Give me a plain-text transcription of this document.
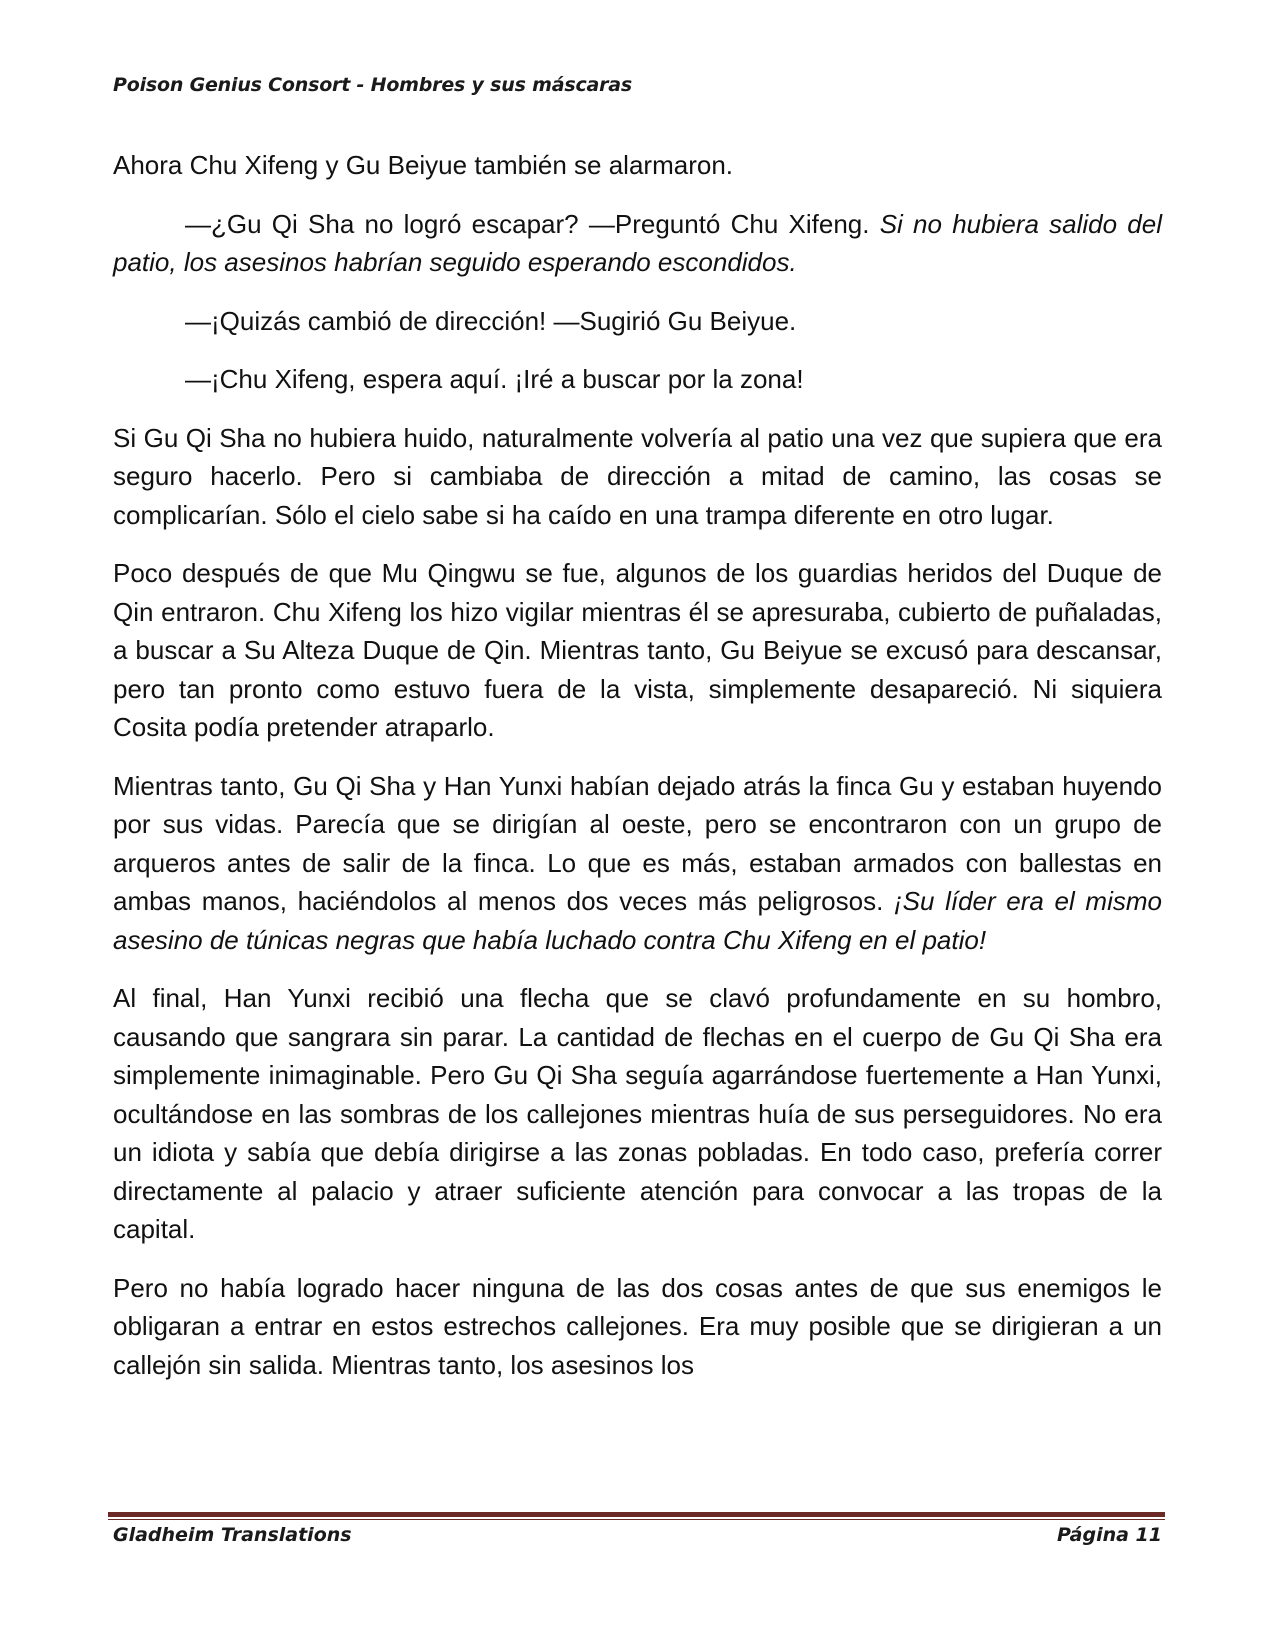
Poison Genius Consort - Hombres y sus máscaras

Ahora Chu Xifeng y Gu Beiyue también se alarmaron.

—¿Gu Qi Sha no logró escapar? —Preguntó Chu Xifeng. Si no hubiera salido del patio, los asesinos habrían seguido esperando escondidos.

—¡Quizás cambió de dirección! —Sugirió Gu Beiyue.

—¡Chu Xifeng, espera aquí. ¡Iré a buscar por la zona!

Si Gu Qi Sha no hubiera huido, naturalmente volvería al patio una vez que supiera que era seguro hacerlo. Pero si cambiaba de dirección a mitad de camino, las cosas se complicarían. Sólo el cielo sabe si ha caído en una trampa diferente en otro lugar.

Poco después de que Mu Qingwu se fue, algunos de los guardias heridos del Duque de Qin entraron. Chu Xifeng los hizo vigilar mientras él se apresuraba, cubierto de puñaladas, a buscar a Su Alteza Duque de Qin. Mientras tanto, Gu Beiyue se excusó para descansar, pero tan pronto como estuvo fuera de la vista, simplemente desapareció. Ni siquiera Cosita podía pretender atraparlo.

Mientras tanto, Gu Qi Sha y Han Yunxi habían dejado atrás la finca Gu y estaban huyendo por sus vidas. Parecía que se dirigían al oeste, pero se encontraron con un grupo de arqueros antes de salir de la finca. Lo que es más, estaban armados con ballestas en ambas manos, haciéndolos al menos dos veces más peligrosos. ¡Su líder era el mismo asesino de túnicas negras que había luchado contra Chu Xifeng en el patio!

Al final, Han Yunxi recibió una flecha que se clavó profundamente en su hombro, causando que sangrara sin parar. La cantidad de flechas en el cuerpo de Gu Qi Sha era simplemente inimaginable. Pero Gu Qi Sha seguía agarrándose fuertemente a Han Yunxi, ocultándose en las sombras de los callejones mientras huía de sus perseguidores. No era un idiota y sabía que debía dirigirse a las zonas pobladas. En todo caso, prefería correr directamente al palacio y atraer suficiente atención para convocar a las tropas de la capital.

Pero no había logrado hacer ninguna de las dos cosas antes de que sus enemigos le obligaran a entrar en estos estrechos callejones. Era muy posible que se dirigieran a un callejón sin salida. Mientras tanto, los asesinos los

Gladheim Translations	Página 11
